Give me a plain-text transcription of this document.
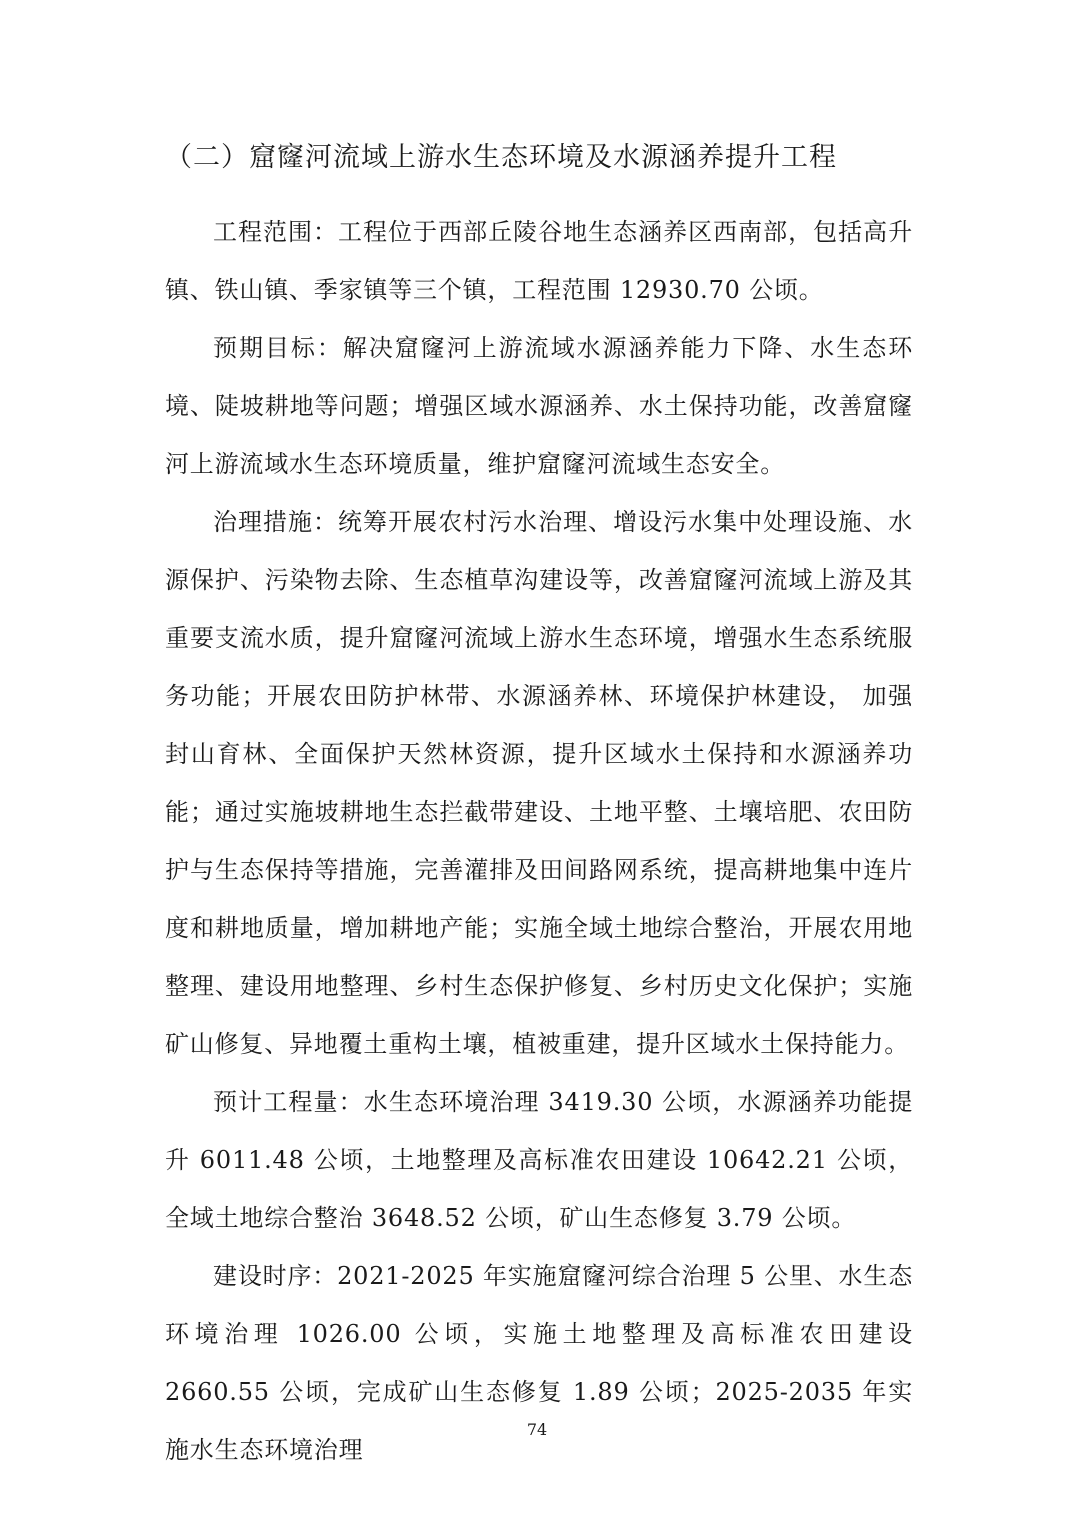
（二）窟窿河流域上游水生态环境及水源涵养提升工程

工程范围：工程位于西部丘陵谷地生态涵养区西南部，包括高升镇、铁山镇、季家镇等三个镇，工程范围 12930.70 公顷。

预期目标：解决窟窿河上游流域水源涵养能力下降、水生态环境、陡坡耕地等问题；增强区域水源涵养、水土保持功能，改善窟窿河上游流域水生态环境质量，维护窟窿河流域生态安全。

治理措施：统筹开展农村污水治理、增设污水集中处理设施、水源保护、污染物去除、生态植草沟建设等，改善窟窿河流域上游及其重要支流水质，提升窟窿河流域上游水生态环境，增强水生态系统服务功能；开展农田防护林带、水源涵养林、环境保护林建设， 加强封山育林、全面保护天然林资源，提升区域水土保持和水源涵养功能；通过实施坡耕地生态拦截带建设、土地平整、土壤培肥、农田防护与生态保持等措施，完善灌排及田间路网系统，提高耕地集中连片度和耕地质量，增加耕地产能；实施全域土地综合整治，开展农用地整理、建设用地整理、乡村生态保护修复、乡村历史文化保护；实施矿山修复、异地覆土重构土壤，植被重建，提升区域水土保持能力。

预计工程量：水生态环境治理 3419.30 公顷，水源涵养功能提升 6011.48 公顷，土地整理及高标准农田建设 10642.21 公顷，全域土地综合整治 3648.52 公顷，矿山生态修复 3.79 公顷。

建设时序：2021-2025 年实施窟窿河综合治理 5 公里、水生态环境治理 1026.00 公顷，实施土地整理及高标准农田建设 2660.55 公顷，完成矿山生态修复 1.89 公顷；2025-2035 年实施水生态环境治理

74
